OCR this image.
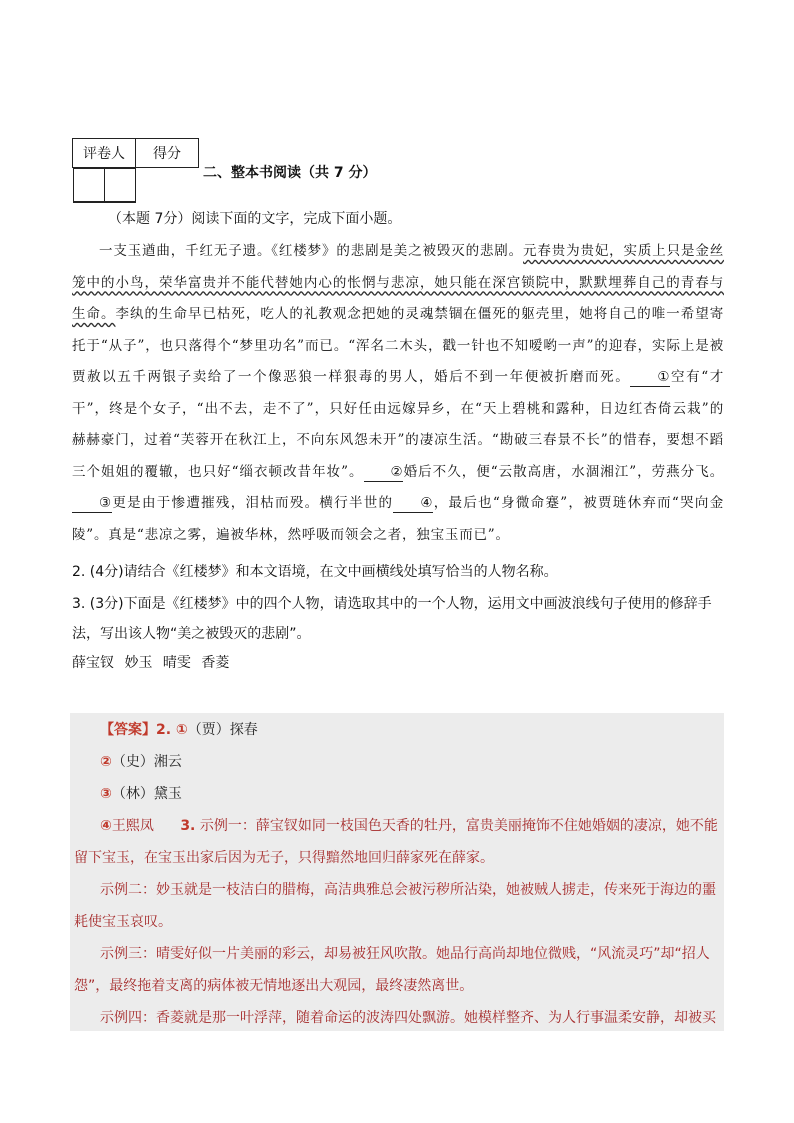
评卷人	得分

二、整本书阅读（共 7 分）
（本题 7分）阅读下面的文字，完成下面小题。

一支玉遒曲，千红无子遗。《红楼梦》的悲剧是美之被毁灭的悲剧。元春贵为贵妃，实质上只是金丝笼中的小鸟，荣华富贵并不能代替她内心的怅惘与悲凉，她只能在深宫锁院中，默默埋葬自己的青春与生命。李纨的生命早已枯死，吃人的礼教观念把她的灵魂禁锢在僵死的躯壳里，她将自己的唯一希望寄托于“从子”，也只落得个“梦里功名”而已。“浑名二木头，戳一针也不知嗳哟一声”的迎春，实际上是被贾赦以五千两银子卖给了一个像恶狼一样狠毒的男人，婚后不到一年便被折磨而死。 ①空有“才干”，终是个女子，“出不去，走不了”，只好任由远嫁异乡，在“天上碧桃和露种，日边红杏倚云栽”的赫赫豪门，过着“芙蓉开在秋江上，不向东风怨未开”的凄凉生活。“勘破三春景不长”的惜春，要想不蹈三个姐姐的覆辙，也只好“缁衣顿改昔年妆”。 ②婚后不久，便“云散高唐，水涸湘江”，劳燕分飞。③更是由于惨遭摧残，泪枯而殁。横行半世的 ④，最后也“身微命蹇”，被贾琏休弃而“哭向金陵”。真是“悲凉之雾，遍被华林，然呼吸而领会之者，独宝玉而已”。

2. (4分)请结合《红楼梦》和本文语境，在文中画横线处填写恰当的人物名称。
3. (3分)下面是《红楼梦》中的四个人物，请选取其中的一个人物，运用文中画波浪线句子使用的修辞手法，写出该人物“美之被毁灭的悲剧”。
薛宝钗 妙玉 晴雯 香菱
【答案】2. ①（贾）探春
②（史）湘云
③（林）黛玉
④王熙凤 3. 示例一：薛宝钗如同一枝国色天香的牡丹，富贵美丽掩饰不住她婚姻的凄凉，她不能
留下宝玉，在宝玉出家后因为无子，只得黯然地回归薛家死在薛家。
示例二：妙玉就是一枝洁白的腊梅，高洁典雅总会被污秽所沾染，她被贼人掳走，传来死于海边的噩
耗使宝玉哀叹。
示例三：晴雯好似一片美丽的彩云，却易被狂风吹散。她品行高尚却地位微贱，“风流灵巧”却“招人
怨”，最终拖着支离的病体被无情地逐出大观园，最终凄然离世。
示例四：香菱就是那一叶浮萍，随着命运的波涛四处飘游。她模样整齐、为人行事温柔安静，却被买
